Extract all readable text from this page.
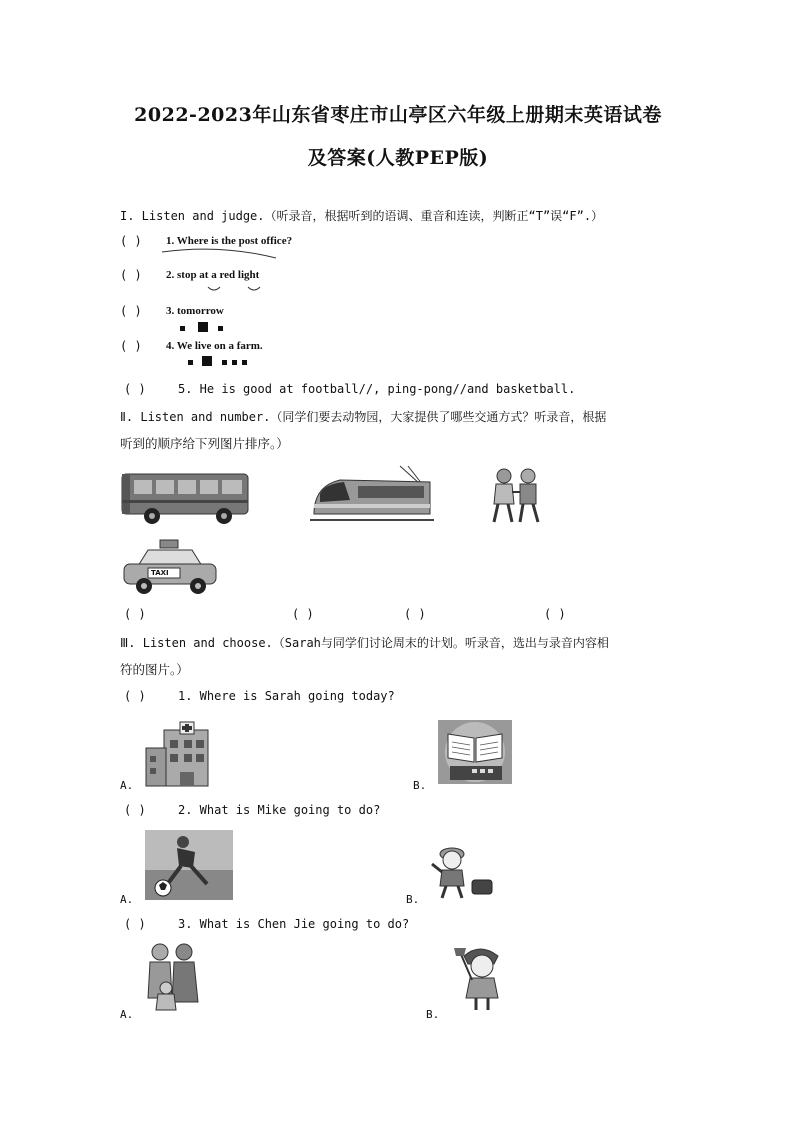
2022-2023年山东省枣庄市山亭区六年级上册期末英语试卷
及答案(人教PEP版)
I. Listen and judge.（听录音，根据听到的语调、重音和连读，判断正“T”误“F”.）
( ) 1. Where is the post office?
( ) 2. stop at a red light
( ) 3. tomorrow
( ) 4. We live on a farm.
( )	5. He is good at football//, ping-pong//and basketball.
Ⅱ. Listen and number.（同学们要去动物园，大家提供了哪些交通方式？听录音，根据
听到的顺序给下列图片排序。）
TAXI
( )	( )	( )	( )
Ⅲ. Listen and choose.（Sarah与同学们讨论周末的计划。听录音，选出与录音内容相
符的图片。）
( )	1. Where is Sarah going today?
A.	B.
( )	2. What is Mike going to do?
A.	B.
( )	3. What is Chen Jie going to do?
A.	B.
